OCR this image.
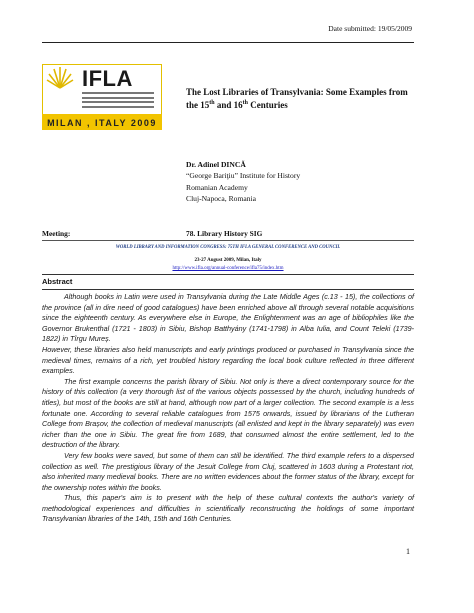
Date submitted: 19/05/2009
IFLA
MILAN , ITALY 2009
The Lost Libraries of Transylvania: Some Examples from
the 15th and 16th Centuries
Dr. Adinel DINCĂ
“George Bariţiu” Institute for History
Romanian Academy
Cluj-Napoca, Romania
Meeting:	78. Library History SIG
WORLD LIBRARY AND INFORMATION CONGRESS: 75TH IFLA GENERAL CONFERENCE AND COUNCIL
23-27 August 2009, Milan, Italy
http://www.ifla.org/annual-conference/ifla75/index.htm
Abstract

Although books in Latin were used in Transylvania during the Late Middle Ages (c.13 - 15), the collections of the province (all in dire need of good catalogues) have been enriched above all through several notable acquisitions since the eighteenth century. As everywhere else in Europe, the Enlightenment was an age of bibliophiles like the Governor Brukenthal (1721 - 1803) in Sibiu, Bishop Batthyány (1741-1798) in Alba Iulia, and Count Teleki (1739-1822) in Tîrgu Mureș.

However, these libraries also held manuscripts and early printings produced or purchased in Transylvania since the medieval times, remains of a rich, yet troubled history regarding the local book culture reflected in three different examples.

The first example concerns the parish library of Sibiu. Not only is there a direct contemporary source for the history of this collection (a very thorough list of the various objects possessed by the church, including hundreds of titles), but most of the books are still at hand, although now part of a larger collection. The second example is a less fortunate one. According to several reliable catalogues from 1575 onwards, issued by librarians of the Lutheran College from Brașov, the collection of medieval manuscripts (all enlisted and kept in the library separately) was even richer than the one in Sibiu. The great fire from 1689, that consumed almost the entire settlement, led to the destruction of the library.

Very few books were saved, but some of them can still be identified. The third example refers to a dispersed collection as well. The prestigious library of the Jesuit College from Cluj, scattered in 1603 during a Protestant riot, also inherited many medieval books. There are no written evidences about the former status of the library, except for the ownership notes within the books.

Thus, this paper's aim is to present with the help of these cultural contexts the author's variety of methodological experiences and difficulties in scientifically reconstructing the holdings of some important Transylvanian libraries of the 14th, 15th and 16th Centuries.

1
